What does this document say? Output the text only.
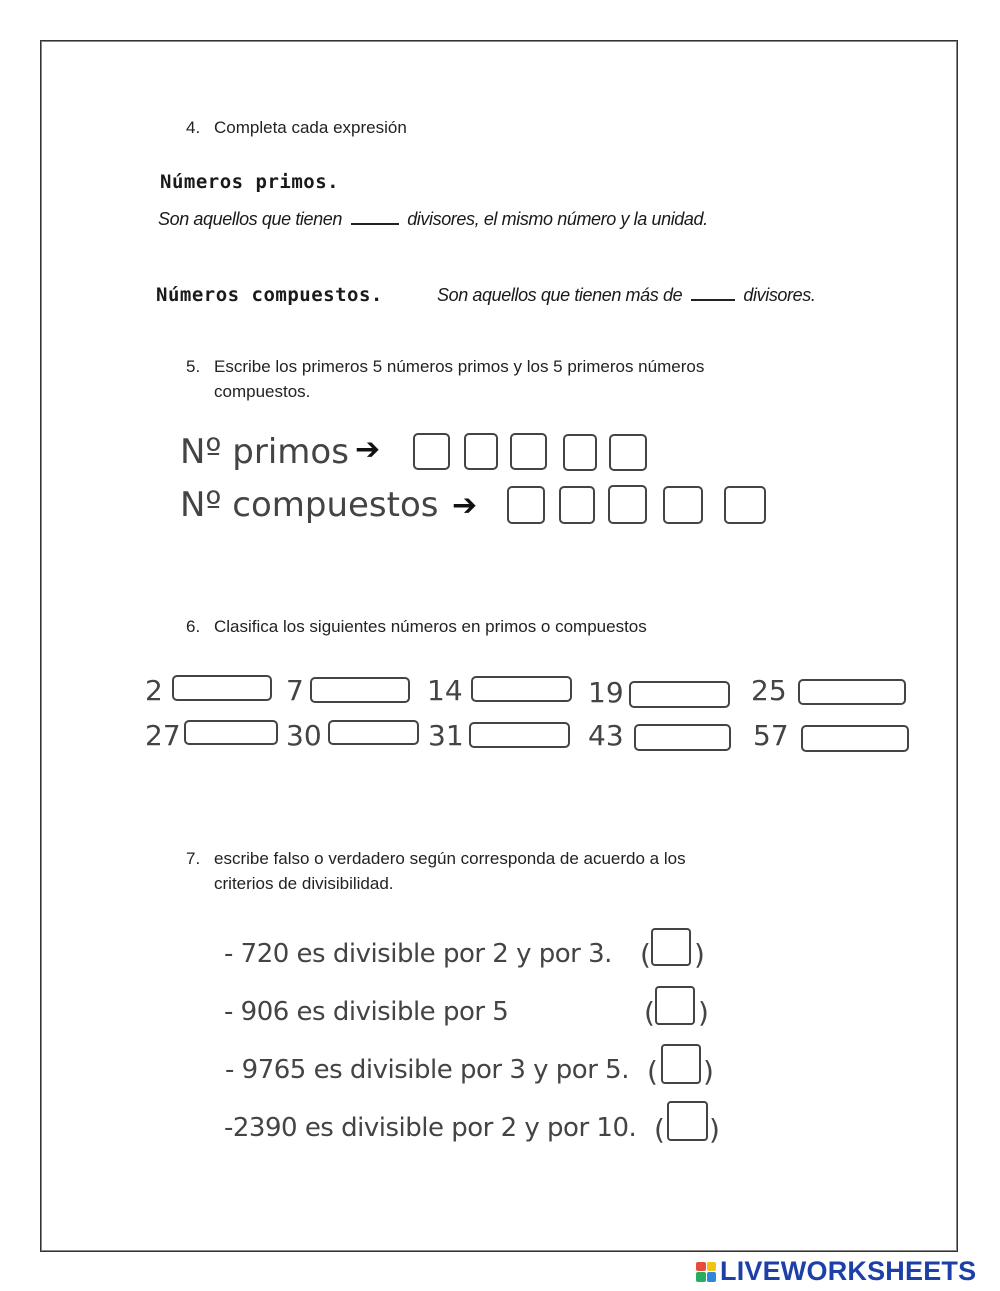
4. Completa cada expresión
Números primos.
Son aquellos que tienen	divisores, el mismo número y la unidad.
Números compuestos.	Son aquellos que tienen más de	divisores.
5. Escribe los primeros 5 números primos y los 5 primeros números
compuestos.
Nº primos ➔
Nº compuestos ➔
6. Clasifica los siguientes números en primos o compuestos
2	7	14	19	25
27	30	31	43	57
7. escribe falso o verdadero según corresponda de acuerdo a los
criterios de divisibilidad.
- 720 es divisible por 2 y por 3. ( )
- 906 es divisible por 5	( )
- 9765 es divisible por 3 y por 5. ( )
-2390 es divisible por 2 y por 10. ( )
LIVEWORKSHEETS
